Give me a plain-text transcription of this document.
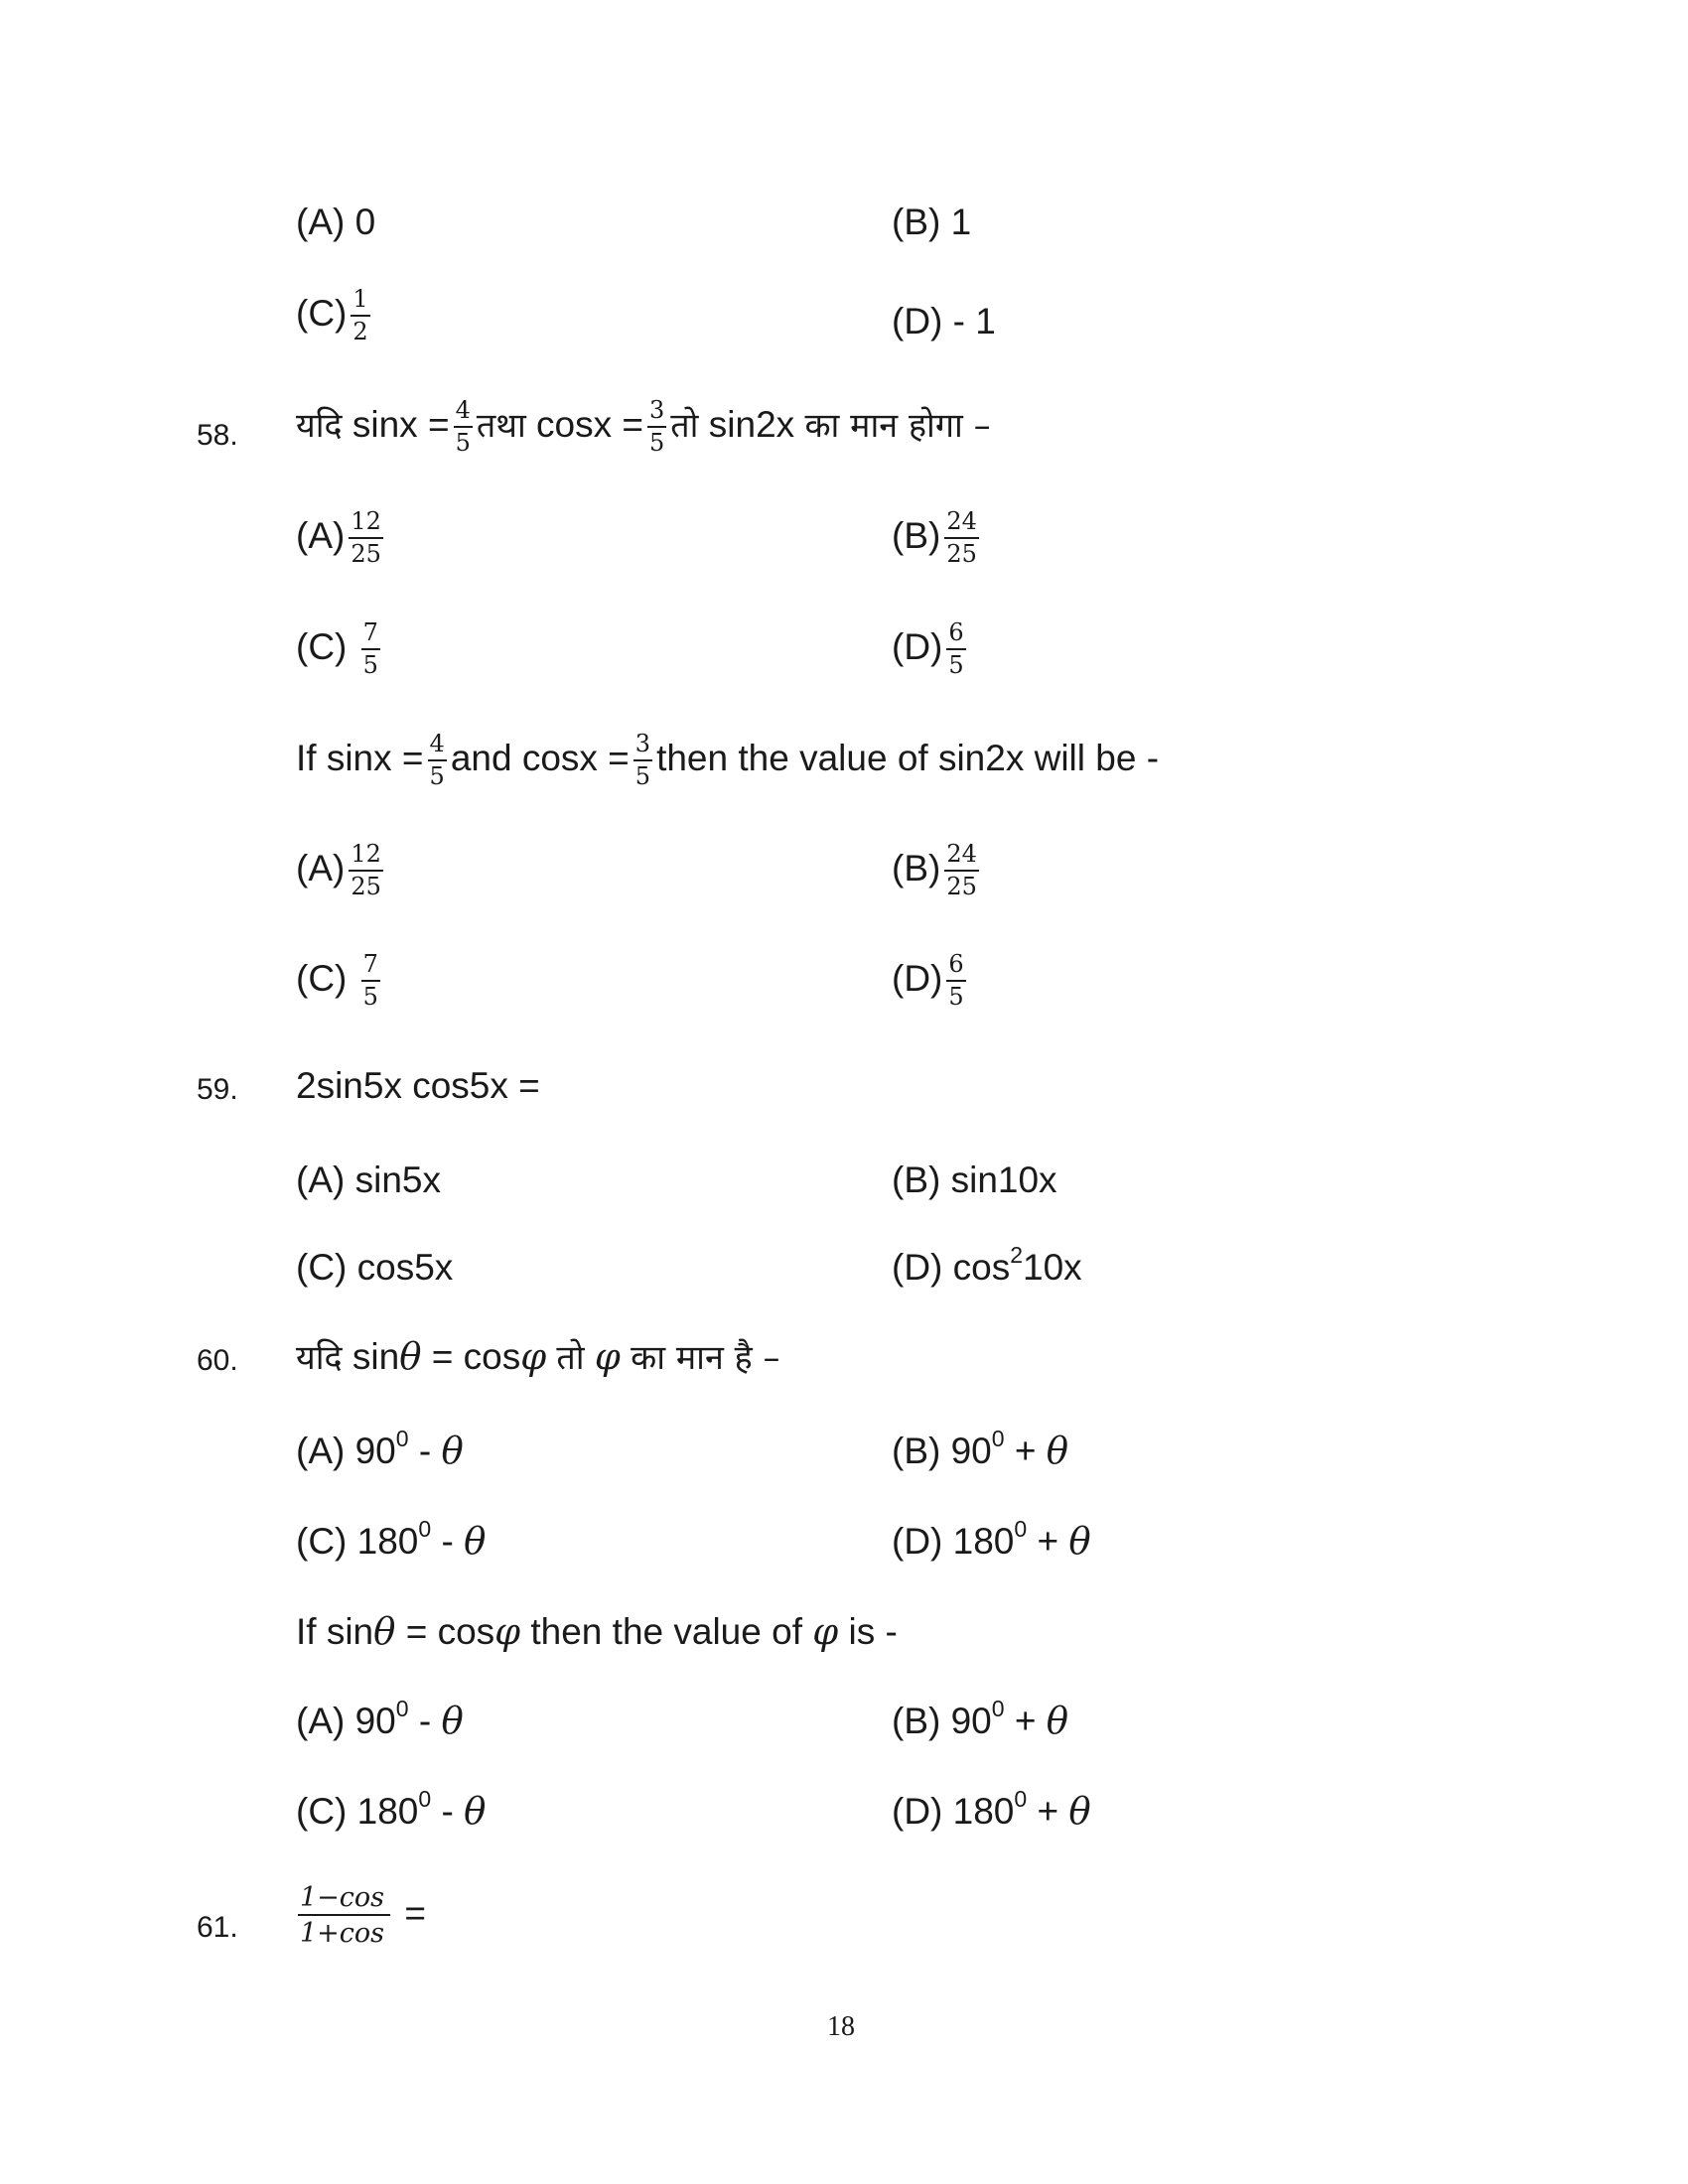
(A) 0	(B) 1
$(C) \frac{1}{2}$	(D) - 1
58. यदि $\sin x = \frac{4}{5}$ तथा $\cos x = \frac{3}{5}$ तो sin2x का मान होगा –
$(A) \frac{12}{25}$	$(B) \frac{24}{25}$
$(C) \frac{7}{5}$	$(D) \frac{6}{5}$
If $\sin x = \frac{4}{5}$ and $\cos x = \frac{3}{5}$ then the value of sin2x will be -
$(A) \frac{12}{25}$	$(B) \frac{24}{25}$
$(C) \frac{7}{5}$	$(D) \frac{6}{5}$
59. 2sin5x cos5x =
(A) sin5x	(B) sin10x
(C) cos5x	(D) $\cos^210x$
60. यदि sinθ = cosφ तो φ का मान है –
(A) $90^0$ - θ	(B) $90^0 + \theta$
(C) $180^0$ - θ	(D) $180^0 + \theta$
If sinθ = cosφ then the value of φ is -
(A) $90^0$ - θ	(B) $90^0 + \theta$
(C) $180^0$ - θ	(D) $180^0 + \theta$
61. $\frac{1-\cos}{1+\cos}$ =
18
